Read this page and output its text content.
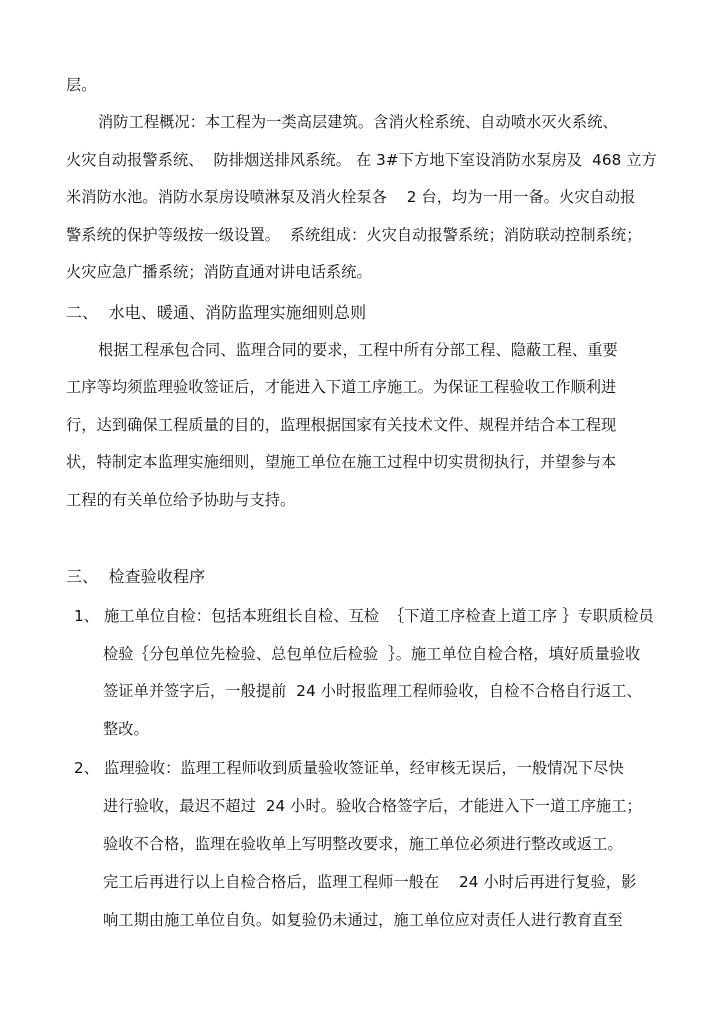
层。
消防工程概况：本工程为一类高层建筑。含消火栓系统、自动喷水灭火系统、
火灾自动报警系统、  防排烟送排风系统。 在 3#下方地下室设消防水泵房及  468 立方
米消防水池。消防水泵房设喷淋泵及消火栓泵各    2 台，均为一用一备。火灾自动报
警系统的保护等级按一级设置。  系统组成：火灾自动报警系统；消防联动控制系统；
火灾应急广播系统；消防直通对讲电话系统。
二、  水电、暖通、消防监理实施细则总则
根据工程承包合同、监理合同的要求，工程中所有分部工程、隐蔽工程、重要
工序等均须监理验收签证后，才能进入下道工序施工。为保证工程验收工作顺利进
行，达到确保工程质量的目的，监理根据国家有关技术文件、规程并结合本工程现
状，特制定本监理实施细则，望施工单位在施工过程中切实贯彻执行，并望参与本
工程的有关单位给予协助与支持。
三、  检查验收程序
1、 施工单位自检：包括本班组长自检、互检  ｛下道工序检查上道工序 ｝专职质检员
检验｛分包单位先检验、总包单位后检验  ｝。施工单位自检合格，填好质量验收
签证单并签字后，一般提前  24 小时报监理工程师验收，自检不合格自行返工、
整改。
2、 监理验收：监理工程师收到质量验收签证单，经审核无误后，一般情况下尽快
进行验收，最迟不超过  24 小时。验收合格签字后，才能进入下一道工序施工；
验收不合格，监理在验收单上写明整改要求，施工单位必须进行整改或返工。
完工后再进行以上自检合格后，监理工程师一般在    24 小时后再进行复验，影
响工期由施工单位自负。如复验仍未通过，施工单位应对责任人进行教育直至
